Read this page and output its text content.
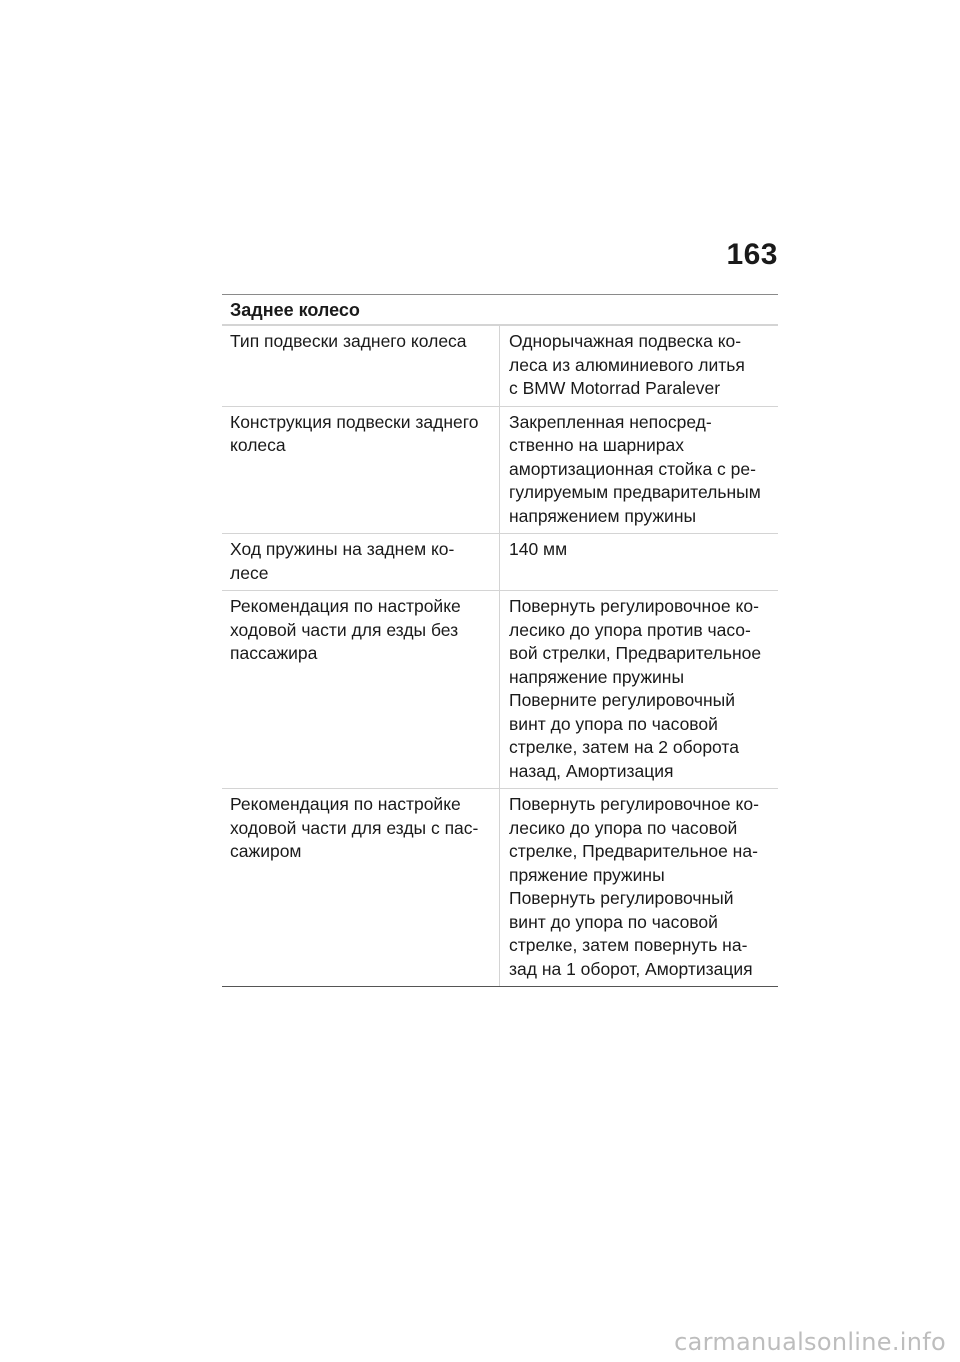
163
Заднее колесо
Тип подвески заднего колеса	Однорычажная подвеска ко-
леса из алюминиевого литья
с BMW Motorrad Paralever
Конструкция подвески заднего
колеса
Закрепленная непосред-
ственно на шарнирах
амортизационная стойка с ре-
гулируемым предварительным
напряжением пружины
Ход пружины на заднем ко-
лесе
140 мм
Рекомендация по настройке
ходовой части для езды без
пассажира
Повернуть регулировочное ко-
лесико до упора против часо-
вой стрелки, Предварительное
напряжение пружины
Поверните регулировочный
винт до упора по часовой
стрелке, затем на 2 оборота
назад, Амортизация
Рекомендация по настройке
ходовой части для езды с пас-
сажиром
Повернуть регулировочное ко-
лесико до упора по часовой
стрелке, Предварительное на-
пряжение пружины
Повернуть регулировочный
винт до упора по часовой
стрелке, затем повернуть на-
зад на 1 оборот, Амортизация
carmanualsonline.info
